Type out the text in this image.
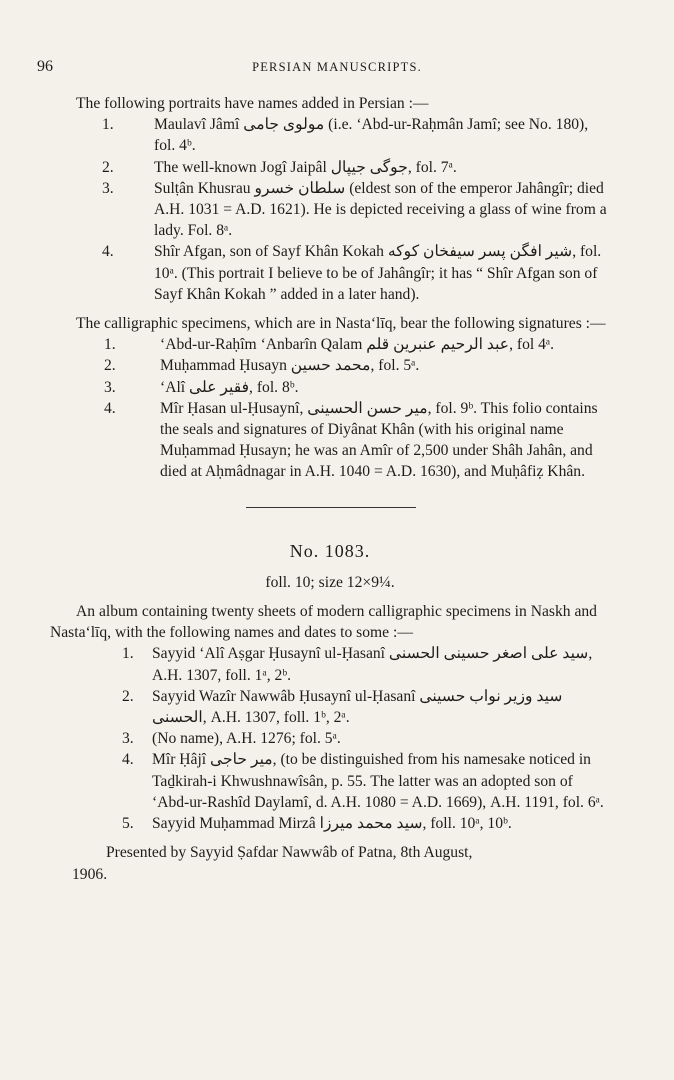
96	PERSIAN MANUSCRIPTS.

The following portraits have names added in Persian :—

1.	Maulavî Jâmî مولوی جامی (i.e. ‘Abd-ur-Raḥmân Jamî; see No. 180), fol. 4ᵇ.
2.	The well-known Jogî Jaipâl جوگی جیپال, fol. 7ᵃ.
3.	Sulṭân Khusrau سلطان خسرو (eldest son of the emperor Jahângîr; died A.H. 1031 = A.D. 1621). He is depicted receiving a glass of wine from a lady. Fol. 8ᵃ.
4.	Shîr Afgan, son of Sayf Khân Kokah شیر افگن پسر سیفخان کوکه, fol. 10ᵃ. (This portrait I believe to be of Jahângîr; it has “ Shîr Afgan son of Sayf Khân Kokah ” added in a later hand).

The calligraphic specimens, which are in Nasta‘līq, bear the following signatures :—

1.	‘Abd-ur-Raḥîm ‘Anbarîn Qalam عبد الرحیم عنبرین قلم, fol 4ᵃ.
2.	Muḥammad Ḥusayn محمد حسین, fol. 5ᵃ.
3.	‘Alî فقیر علی, fol. 8ᵇ.
4.	Mîr Ḥasan ul-Ḥusaynî, میر حسن الحسینی, fol. 9ᵇ. This folio contains the seals and signatures of Diyânat Khân (with his original name Muḥammad Ḥusayn; he was an Amîr of 2,500 under Shâh Jahân, and died at Aḥmâdnagar in A.H. 1040 = A.D. 1630), and Muḥâfiẓ Khân.
No. 1083.
foll. 10; size 12×9¼.

An album containing twenty sheets of modern calligraphic specimens in Naskh and Nasta‘līq, with the following names and dates to some :—

1. Sayyid ‘Alî Aṣgar Ḥusaynî ul-Ḥasanî سید علی اصغر حسینی الحسنی, A.H. 1307, foll. 1ᵃ, 2ᵇ.
2. Sayyid Wazîr Nawwâb Ḥusaynî ul-Ḥasanî سید وزیر نواب حسینی الحسنی, A.H. 1307, foll. 1ᵇ, 2ᵃ.
3. (No name), A.H. 1276; fol. 5ᵃ.
4. Mîr Ḥâjî میر حاجی, (to be distinguished from his namesake noticed in Taḏkirah-i Khwushnawîsân, p. 55. The latter was an adopted son of ‘Abd-ur-Rashîd Daylamî, d. A.H. 1080 = A.D. 1669), A.H. 1191, fol. 6ᵃ.
5. Sayyid Muḥammad Mirzâ سید محمد میرزا, foll. 10ᵃ, 10ᵇ.

Presented by Sayyid Ṣafdar Nawwâb of Patna, 8th August,

1906.
